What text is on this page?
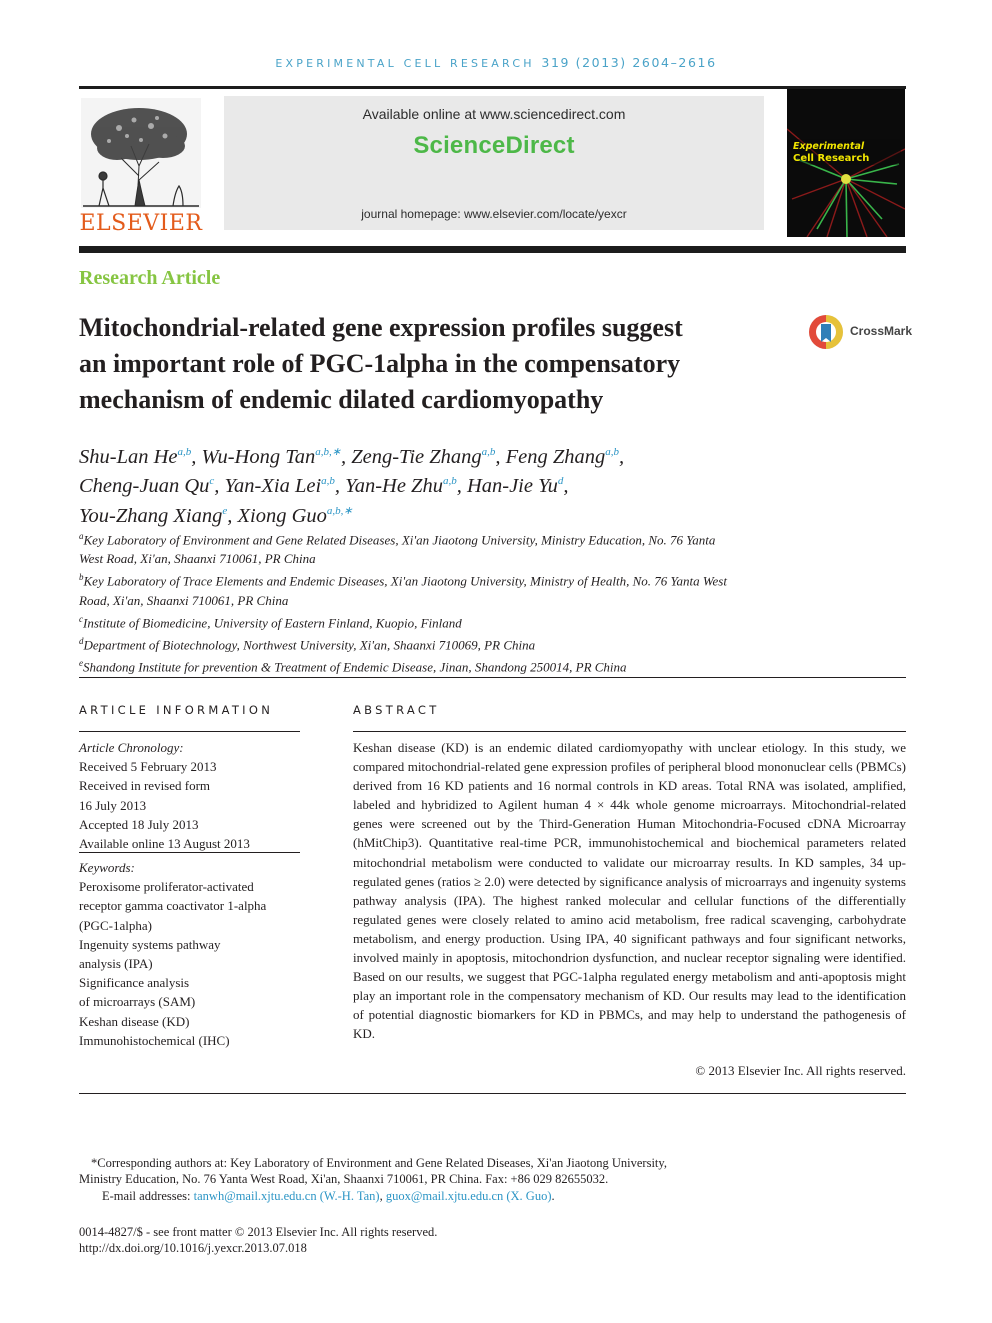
EXPERIMENTAL CELL RESEARCH 319 (2013) 2604–2616
ELSEVIER
Available online at www.sciencedirect.com
ScienceDirect
journal homepage: www.elsevier.com/locate/yexcr
Experimental
Cell Research
Research Article
Mitochondrial-related gene expression profiles suggest
an important role of PGC-1alpha in the compensatory
mechanism of endemic dilated cardiomyopathy
CrossMark
Shu-Lan He$^{a,b}$, Wu-Hong Tan$^{a,b,∗}$, Zeng-Tie Zhang$^{a,b}$, Feng Zhang$^{a,b}$,
Cheng-Juan Qu$^c$, Yan-Xia Lei$^{a,b}$, Yan-He Zhu$^{a,b}$, Han-Jie Yu$^d$,
You-Zhang Xiang$^e$, Xiong Guo$^{a,b,∗}$
$^a$Key Laboratory of Environment and Gene Related Diseases, Xi'an Jiaotong University, Ministry Education, No. 76 Yanta
West Road, Xi'an, Shaanxi 710061, PR China
$^b$Key Laboratory of Trace Elements and Endemic Diseases, Xi'an Jiaotong University, Ministry of Health, No. 76 Yanta West
Road, Xi'an, Shaanxi 710061, PR China
$^c$Institute of Biomedicine, University of Eastern Finland, Kuopio, Finland
$^d$Department of Biotechnology, Northwest University, Xi'an, Shaanxi 710069, PR China
$^e$Shandong Institute for prevention & Treatment of Endemic Disease, Jinan, Shandong 250014, PR China
ARTICLE INFORMATION
Article Chronology:
Received 5 February 2013
Received in revised form
16 July 2013
Accepted 18 July 2013
Available online 13 August 2013
Keywords:
Peroxisome proliferator-activated
receptor gamma coactivator 1-alpha
(PGC-1alpha)
Ingenuity systems pathway
analysis (IPA)
Significance analysis
of microarrays (SAM)
Keshan disease (KD)
Immunohistochemical (IHC)
ABSTRACT
Keshan disease (KD) is an endemic dilated cardiomyopathy with unclear etiology. In this study, we compared mitochondrial-related gene expression profiles of peripheral blood mononuclear cells (PBMCs) derived from 16 KD patients and 16 normal controls in KD areas. Total RNA was isolated, amplified, labeled and hybridized to Agilent human 4 × 44k whole genome microarrays. Mitochondrial-related genes were screened out by the Third-Generation Human Mitochondria-Focused cDNA Microarray (hMitChip3). Quantitative real-time PCR, immunohistochemical and biochemical parameters related mitochondrial metabolism were conducted to validate our microarray results. In KD samples, 34 up-regulated genes (ratios ≥ 2.0) were detected by significance analysis of microarrays and ingenuity systems pathway analysis (IPA). The highest ranked molecular and cellular functions of the differentially regulated genes were closely related to amino acid metabolism, free radical scavenging, carbohydrate metabolism, and energy production. Using IPA, 40 significant pathways and four significant networks, involved mainly in apoptosis, mitochondrion dysfunction, and nuclear receptor signaling were identified. Based on our results, we suggest that PGC-1alpha regulated energy metabolism and anti-apoptosis might play an important role in the compensatory mechanism of KD. Our results may lead to the identification of potential diagnostic biomarkers for KD in PBMCs, and may help to understand the pathogenesis of KD.
© 2013 Elsevier Inc. All rights reserved.
*Corresponding authors at: Key Laboratory of Environment and Gene Related Diseases, Xi'an Jiaotong University,
Ministry Education, No. 76 Yanta West Road, Xi'an, Shaanxi 710061, PR China. Fax: +86 029 82655032.
E-mail addresses: tanwh@mail.xjtu.edu.cn (W.-H. Tan), guox@mail.xjtu.edu.cn (X. Guo).
0014-4827/$ - see front matter © 2013 Elsevier Inc. All rights reserved.
http://dx.doi.org/10.1016/j.yexcr.2013.07.018
